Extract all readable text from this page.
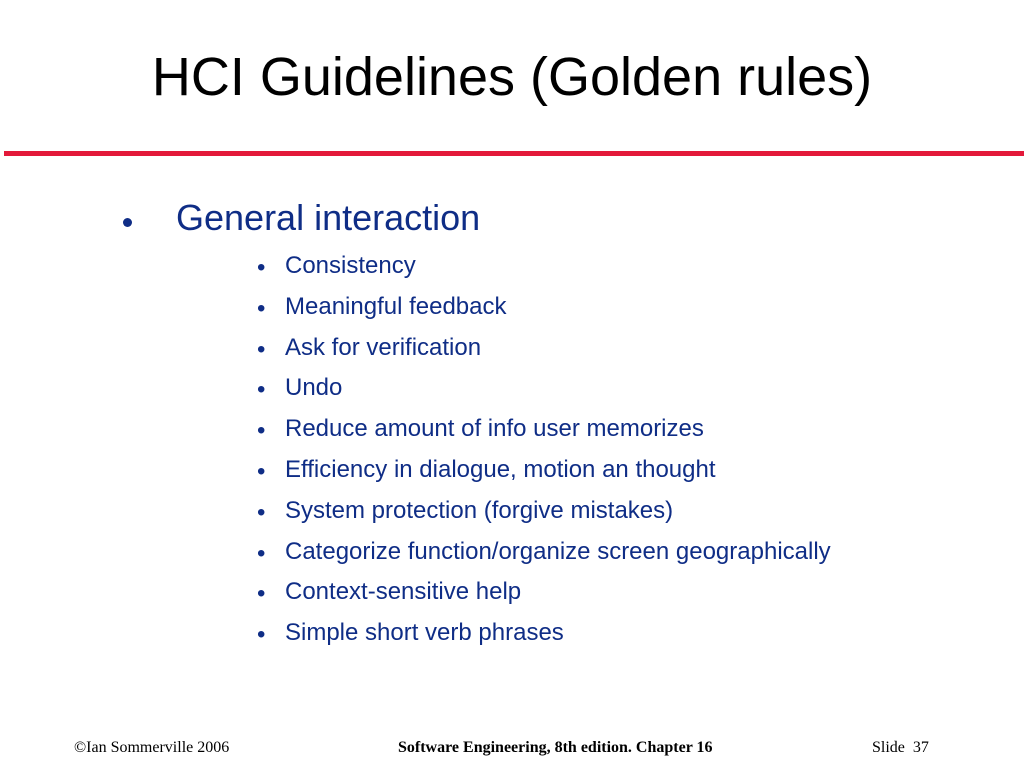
HCI Guidelines (Golden rules)
General interaction
• Consistency
• Meaningful feedback
• Ask for verification
• Undo
• Reduce amount of info user memorizes
• Efficiency in dialogue, motion an thought
• System protection (forgive mistakes)
• Categorize function/organize screen geographically
• Context-sensitive help
• Simple short verb phrases
©Ian Sommerville 2006	Software Engineering, 8th edition. Chapter 16	Slide 37
